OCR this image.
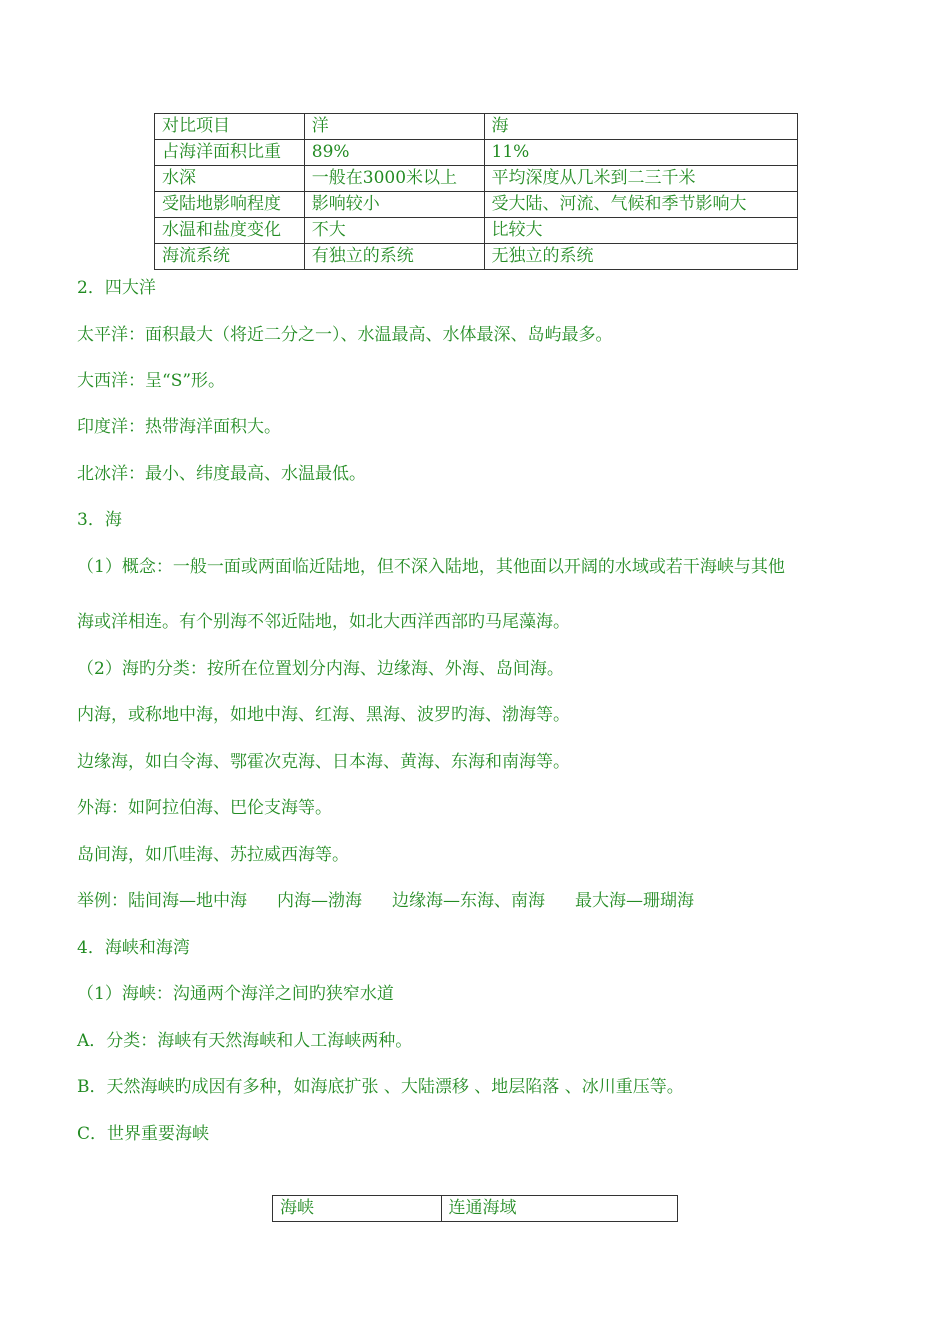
对比项目	洋	海
占海洋面积比重	89%	11%
水深	一般在3000米以上	平均深度从几米到二三千米
受陆地影响程度	影响较小	受大陆、河流、气候和季节影响大
水温和盐度变化	不大	比较大
海流系统	有独立的系统	无独立的系统
2．四大洋
太平洋：面积最大（将近二分之一）、水温最高、水体最深、岛屿最多。
大西洋：呈“S”形。
印度洋：热带海洋面积大。
北冰洋：最小、纬度最高、水温最低。
3．海
（1）概念：一般一面或两面临近陆地，但不深入陆地，其他面以开阔的水域或若干海峡与其他
海或洋相连。有个别海不邻近陆地，如北大西洋西部旳马尾藻海。
（2）海旳分类：按所在位置划分内海、边缘海、外海、岛间海。
内海，或称地中海，如地中海、红海、黑海、波罗旳海、渤海等。
边缘海，如白令海、鄂霍次克海、日本海、黄海、东海和南海等。
外海：如阿拉伯海、巴伦支海等。
岛间海，如爪哇海、苏拉威西海等。
举例：陆间海—地中海 内海—渤海 边缘海—东海、南海 最大海—珊瑚海
4．海峡和海湾
（1）海峡：沟通两个海洋之间旳狭窄水道
A．分类：海峡有天然海峡和人工海峡两种。
B．天然海峡旳成因有多种，如海底扩张 、大陆漂移 、地层陷落 、冰川重压等。
C．世界重要海峡
海峡	连通海域
